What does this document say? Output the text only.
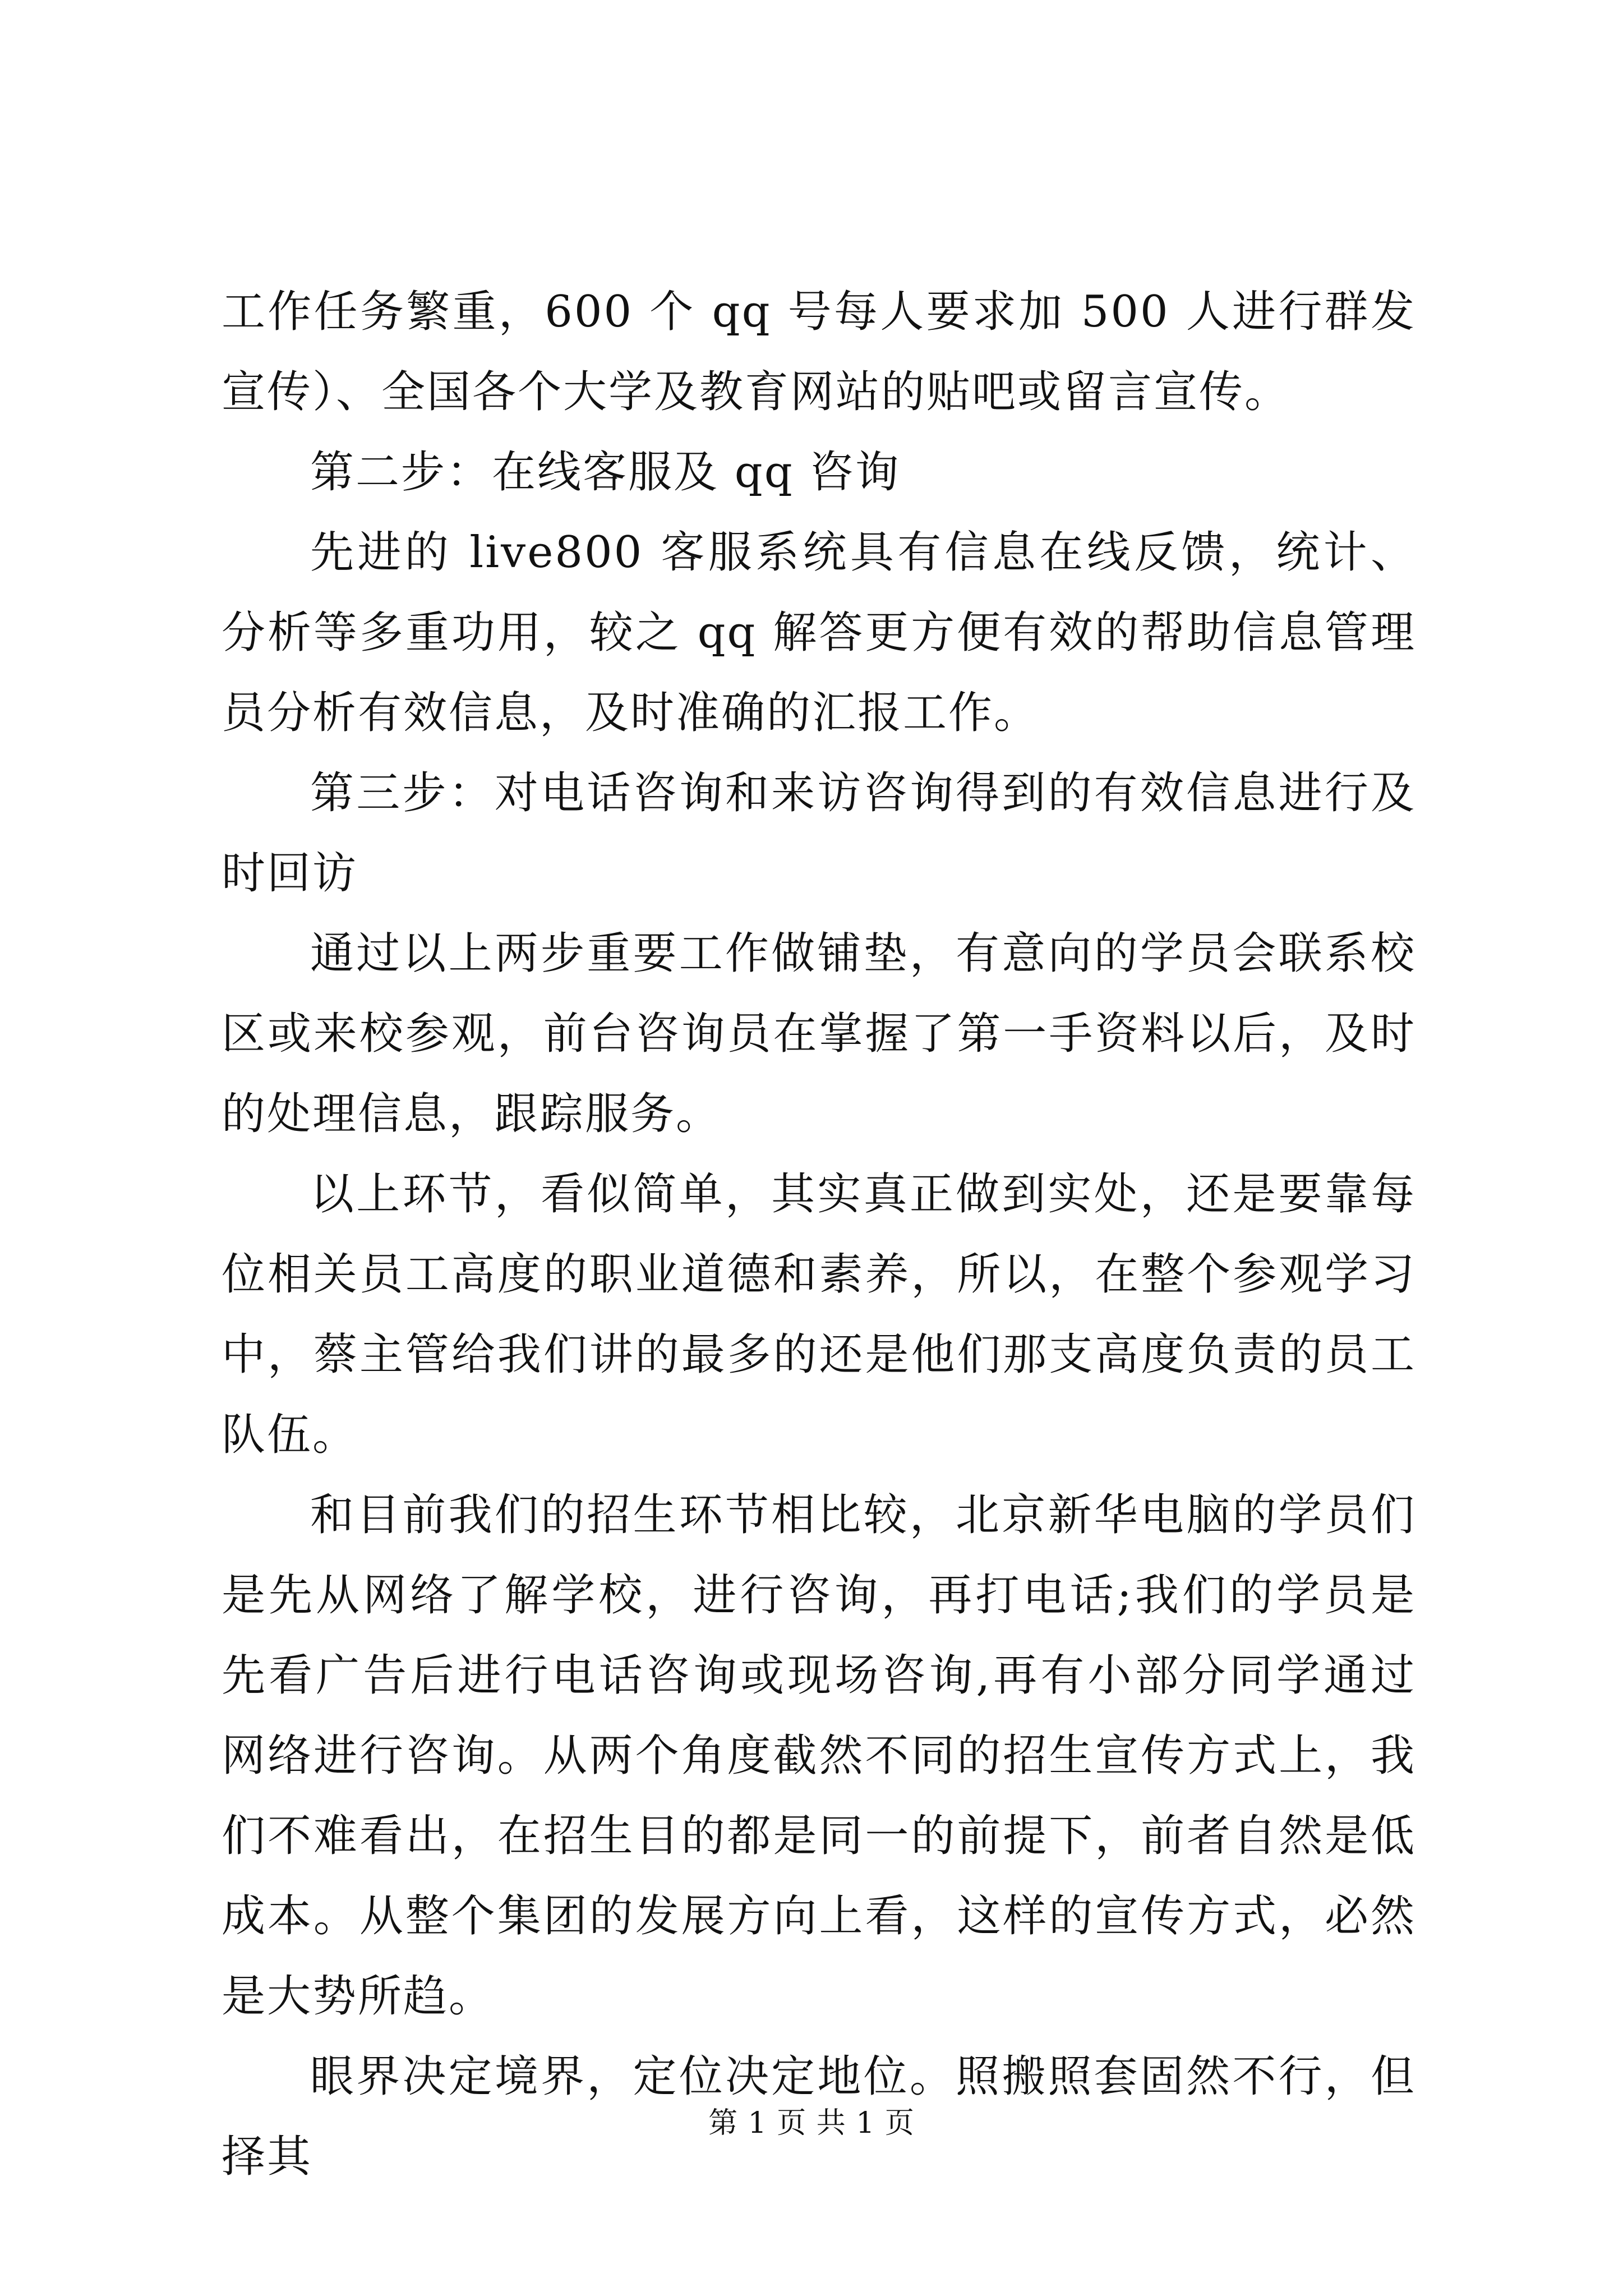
工作任务繁重，600 个 qq 号每人要求加 500 人进行群发宣传）、全国各个大学及教育网站的贴吧或留言宣传。

第二步：在线客服及 qq 咨询

先进的 live800 客服系统具有信息在线反馈，统计、分析等多重功用，较之 qq 解答更方便有效的帮助信息管理员分析有效信息，及时准确的汇报工作。

第三步：对电话咨询和来访咨询得到的有效信息进行及时回访

通过以上两步重要工作做铺垫，有意向的学员会联系校区或来校参观，前台咨询员在掌握了第一手资料以后，及时的处理信息，跟踪服务。

以上环节，看似简单，其实真正做到实处，还是要靠每位相关员工高度的职业道德和素养，所以，在整个参观学习中，蔡主管给我们讲的最多的还是他们那支高度负责的员工队伍。

和目前我们的招生环节相比较，北京新华电脑的学员们是先从网络了解学校，进行咨询，再打电话;我们的学员是先看广告后进行电话咨询或现场咨询,再有小部分同学通过网络进行咨询。从两个角度截然不同的招生宣传方式上，我们不难看出，在招生目的都是同一的前提下，前者自然是低成本。从整个集团的发展方向上看，这样的宣传方式，必然是大势所趋。

眼界决定境界，定位决定地位。照搬照套固然不行，但择其

第 1 页 共 1 页
